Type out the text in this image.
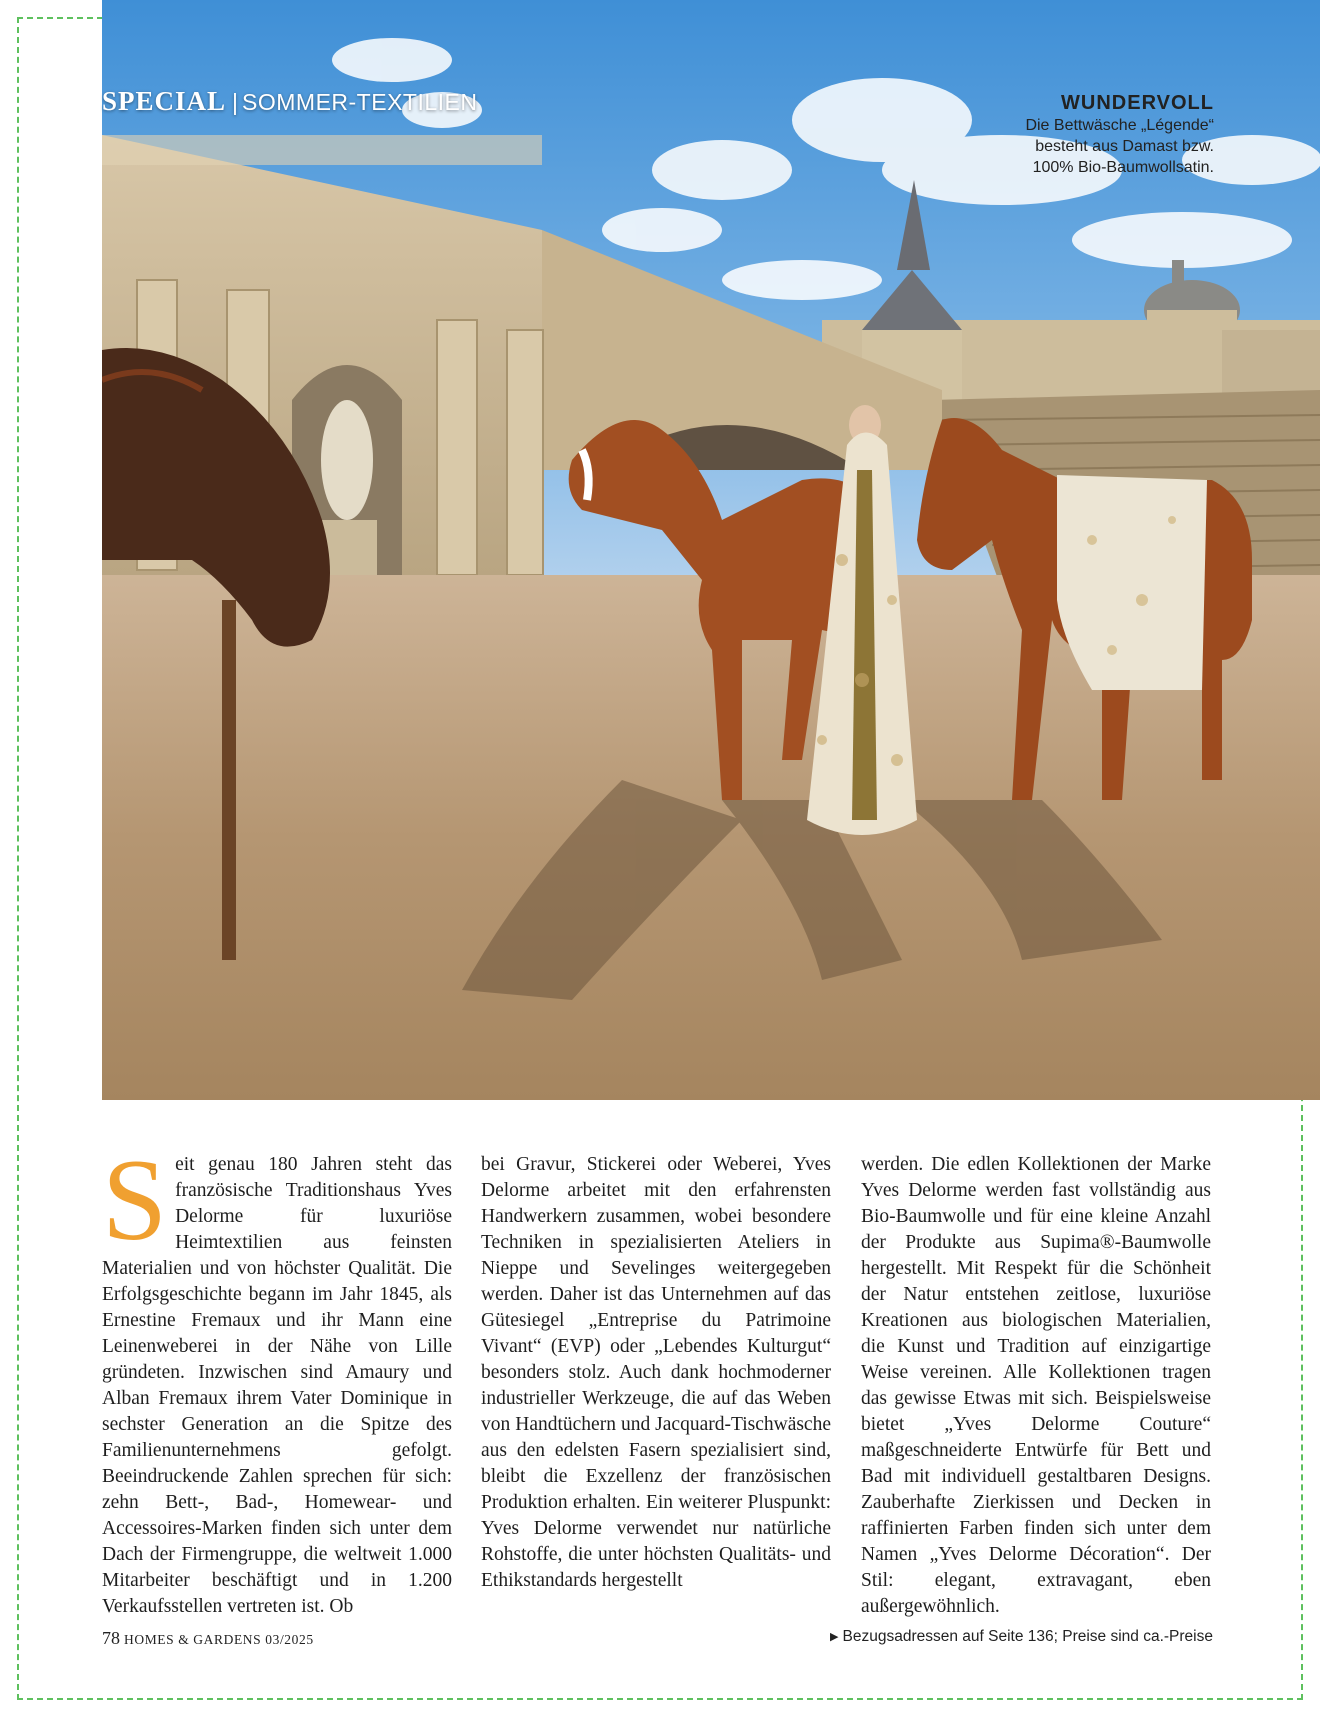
SPECIAL | SOMMER-TEXTILIEN	WUNDERVOLL
Die Bettwäsche „Légende“
besteht aus Damast bzw.
100% Bio-Baumwollsatin.
Seit genau 180 Jahren steht das französische Traditionshaus Yves Delorme für luxuriöse Heimtextilien aus feinsten Materialien und von höchster Qualität. Die Erfolgsgeschichte begann im Jahr 1845, als Ernestine Fremaux und ihr Mann eine Leinenweberei in der Nähe von Lille gründeten. Inzwischen sind Amaury und Alban Fremaux ihrem Vater Dominique in sechster Generation an die Spitze des Familienunternehmens gefolgt. Beeindruckende Zahlen sprechen für sich: zehn Bett-, Bad-, Homewear- und Accessoires-Marken finden sich unter dem Dach der Firmengruppe, die weltweit 1.000 Mitarbeiter beschäftigt und in 1.200 Verkaufsstellen vertreten ist. Ob
bei Gravur, Stickerei oder Weberei, Yves Delorme arbeitet mit den erfahrensten Handwerkern zusammen, wobei besondere Techniken in spezialisierten Ateliers in Nieppe und Sevelinges weitergegeben werden. Daher ist das Unternehmen auf das Gütesiegel „Entreprise du Patrimoine Vivant“ (EVP) oder „Lebendes Kulturgut“ besonders stolz. Auch dank hochmoderner industrieller Werkzeuge, die auf das Weben von Handtüchern und Jacquard-Tischwäsche aus den edelsten Fasern spezialisiert sind, bleibt die Exzellenz der französischen Produktion erhalten. Ein weiterer Pluspunkt: Yves Delorme verwendet nur natürliche Rohstoffe, die unter höchsten Qualitäts- und Ethikstandards hergestellt
werden. Die edlen Kollektionen der Marke Yves Delorme werden fast vollständig aus Bio-Baumwolle und für eine kleine Anzahl der Produkte aus Supima®-Baumwolle hergestellt. Mit Respekt für die Schönheit der Natur entstehen zeitlose, luxuriöse Kreationen aus biologischen Materialien, die Kunst und Tradition auf einzigartige Weise vereinen. Alle Kollektionen tragen das gewisse Etwas mit sich. Beispielsweise bietet „Yves Delorme Couture“ maßgeschneiderte Entwürfe für Bett und Bad mit individuell gestaltbaren Designs. Zauberhafte Zierkissen und Decken in raffinierten Farben finden sich unter dem Namen „Yves Delorme Décoration“. Der Stil: elegant, extravagant, eben außergewöhnlich.
78 HOMES & GARDENS 03/2025	▶ Bezugsadressen auf Seite 136; Preise sind ca.-Preise
